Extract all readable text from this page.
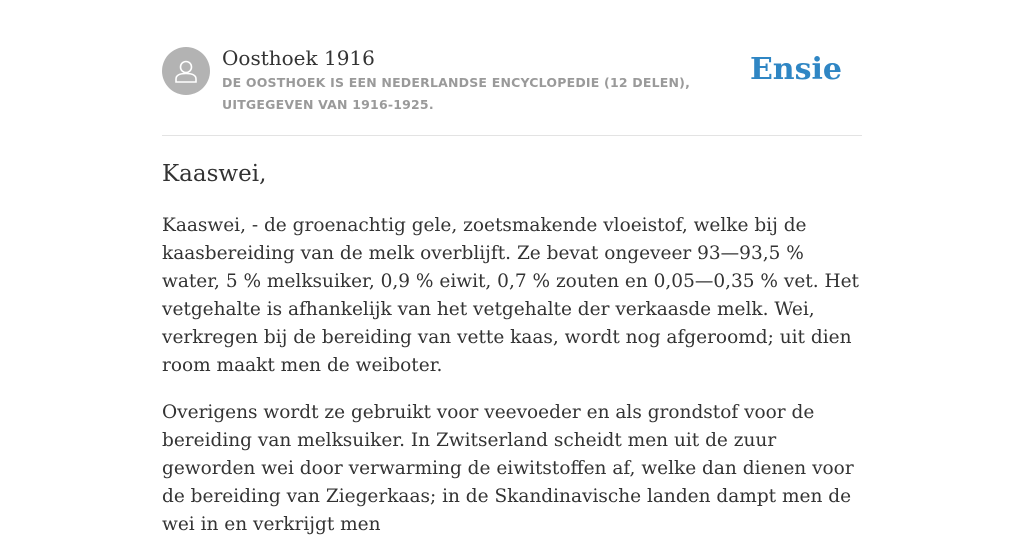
Oosthoek 1916
DE OOSTHOEK IS EEN NEDERLANDSE ENCYCLOPEDIE (12 DELEN), UITGEGEVEN VAN 1916-1925.
Ensie
Kaaswei,

Kaaswei, - de groenachtig gele, zoetsmakende vloeistof, welke bij de kaasbereiding van de melk overblijft. Ze bevat ongeveer 93—93,5 % water, 5 % melksuiker, 0,9 % eiwit, 0,7 % zouten en 0,05—0,35 % vet. Het vetgehalte is afhankelijk van het vetgehalte der verkaasde melk. Wei, verkregen bij de bereiding van vette kaas, wordt nog afgeroomd; uit dien room maakt men de weiboter.

Overigens wordt ze gebruikt voor veevoeder en als grondstof voor de bereiding van melksuiker. In Zwitserland scheidt men uit de zuur geworden wei door verwarming de eiwitstoffen af, welke dan dienen voor de bereiding van Ziegerkaas; in de Skandinavische landen dampt men de wei in en verkrijgt men
